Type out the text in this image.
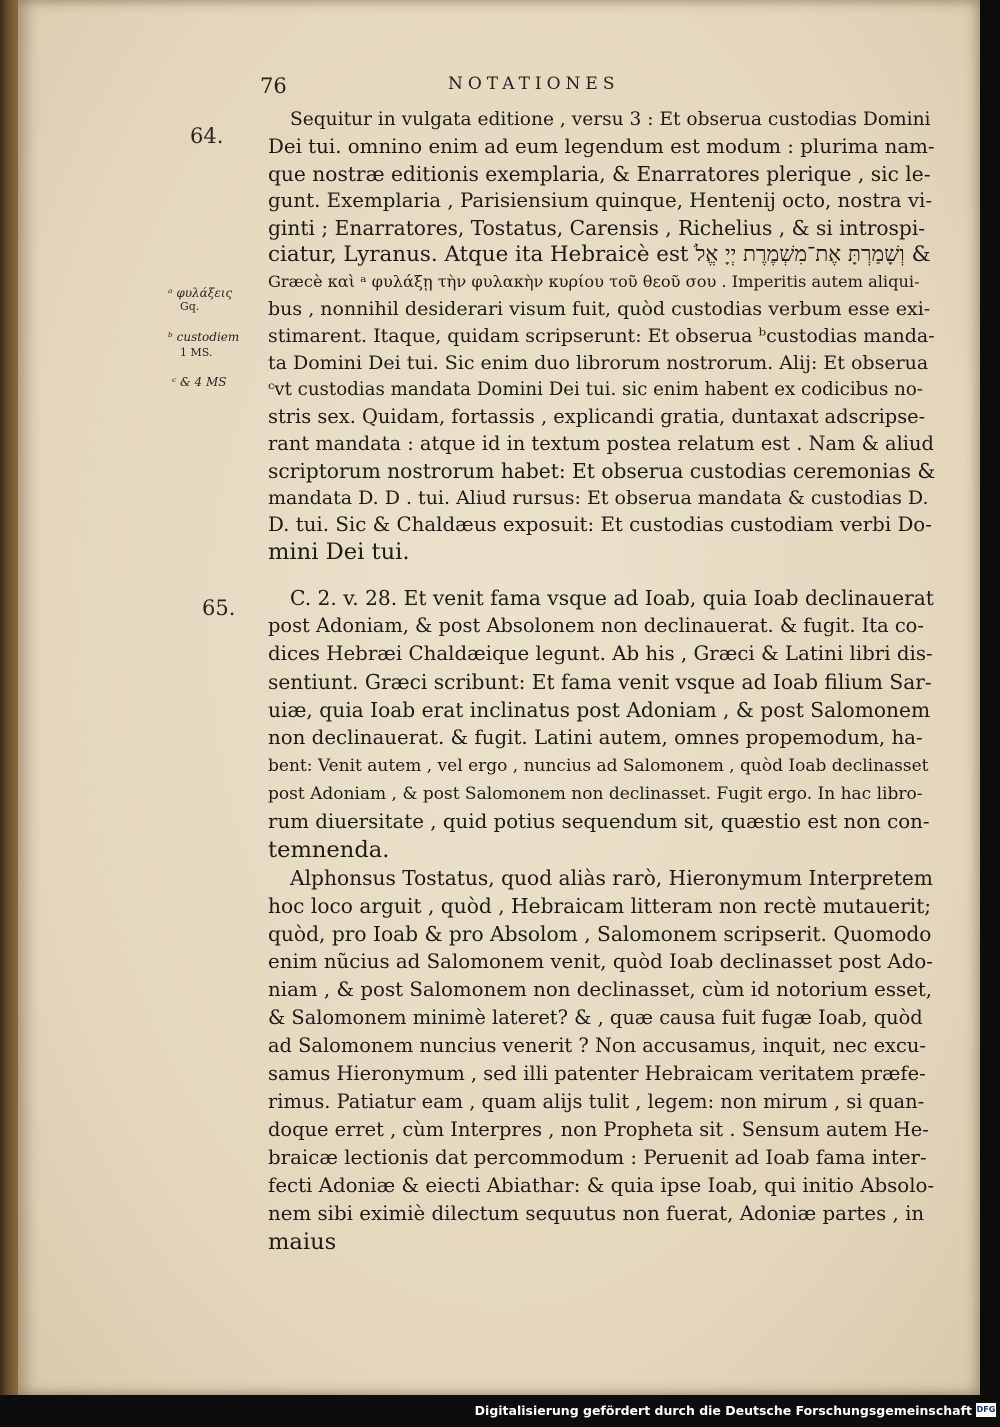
76	NOTATIONES
64.
ᵃ φυλάξεις
Gq.
ᵇ custodiem
1 MS.
ᶜ & 4 MS
65.
Sequitur in vulgata editione , versu 3 : Et obserua custodias Domini
Dei tui. omnino enim ad eum legendum est modum : plurima nam-
que nostræ editionis exemplaria, & Enarratores plerique , sic le-
gunt. Exemplaria , Parisiensium quinque, Hentenij octo, nostra vi-
ginti ; Enarratores, Tostatus, Carensis , Richelius , & si introspi-
ciatur, Lyranus. Atque ita Hebraicè est וְשָׁמַרְתָּ אֶת־מִשְׁמֶרֶת יְיָ אֱלֹ &
Græcè καὶ ᵃ φυλάξῃ τὴν φυλακὴν κυρίου τοῦ θεοῦ σου . Imperitis autem aliqui-
bus , nonnihil desiderari visum fuit, quòd custodias verbum esse exi-
stimarent. Itaque, quidam scripserunt: Et obserua ᵇcustodias manda-
ta Domini Dei tui. Sic enim duo librorum nostrorum. Alij: Et obserua
ᶜvt custodias mandata Domini Dei tui. sic enim habent ex codicibus no-
stris sex. Quidam, fortassis , explicandi gratia, duntaxat adscripse-
rant mandata : atque id in textum postea relatum est . Nam & aliud
scriptorum nostrorum habet: Et obserua custodias ceremonias &
mandata D. D . tui. Aliud rursus: Et obserua mandata & custodias D.
D. tui. Sic & Chaldæus exposuit: Et custodias custodiam verbi Do-
mini Dei tui.
C. 2. v. 28. Et venit fama vsque ad Ioab, quia Ioab declinauerat
post Adoniam, & post Absolonem non declinauerat. & fugit. Ita co-
dices Hebræi Chaldæique legunt. Ab his , Græci & Latini libri dis-
sentiunt. Græci scribunt: Et fama venit vsque ad Ioab filium Sar-
uiæ, quia Ioab erat inclinatus post Adoniam , & post Salomonem
non declinauerat. & fugit. Latini autem, omnes propemodum, ha-
bent: Venit autem , vel ergo , nuncius ad Salomonem , quòd Ioab declinasset
post Adoniam , & post Salomonem non declinasset. Fugit ergo. In hac libro-
rum diuersitate , quid potius sequendum sit, quæstio est non con-
temnenda.
Alphonsus Tostatus, quod aliàs rarò, Hieronymum Interpretem
hoc loco arguit , quòd , Hebraicam litteram non rectè mutauerit;
quòd, pro Ioab & pro Absolom , Salomonem scripserit. Quomodo
enim nũcius ad Salomonem venit, quòd Ioab declinasset post Ado-
niam , & post Salomonem non declinasset, cùm id notorium esset,
& Salomonem minimè lateret? & , quæ causa fuit fugæ Ioab, quòd
ad Salomonem nuncius venerit ? Non accusamus, inquit, nec excu-
samus Hieronymum , sed illi patenter Hebraicam veritatem præfe-
rimus. Patiatur eam , quam alijs tulit , legem: non mirum , si quan-
doque erret , cùm Interpres , non Propheta sit . Sensum autem He-
braicæ lectionis dat percommodum : Peruenit ad Ioab fama inter-
fecti Adoniæ & eiecti Abiathar: & quia ipse Ioab, qui initio Absolo-
nem sibi eximiè dilectum sequutus non fuerat, Adoniæ partes , in
maius
Digitalisierung gefördert durch die Deutsche Forschungsgemeinschaft DFG
